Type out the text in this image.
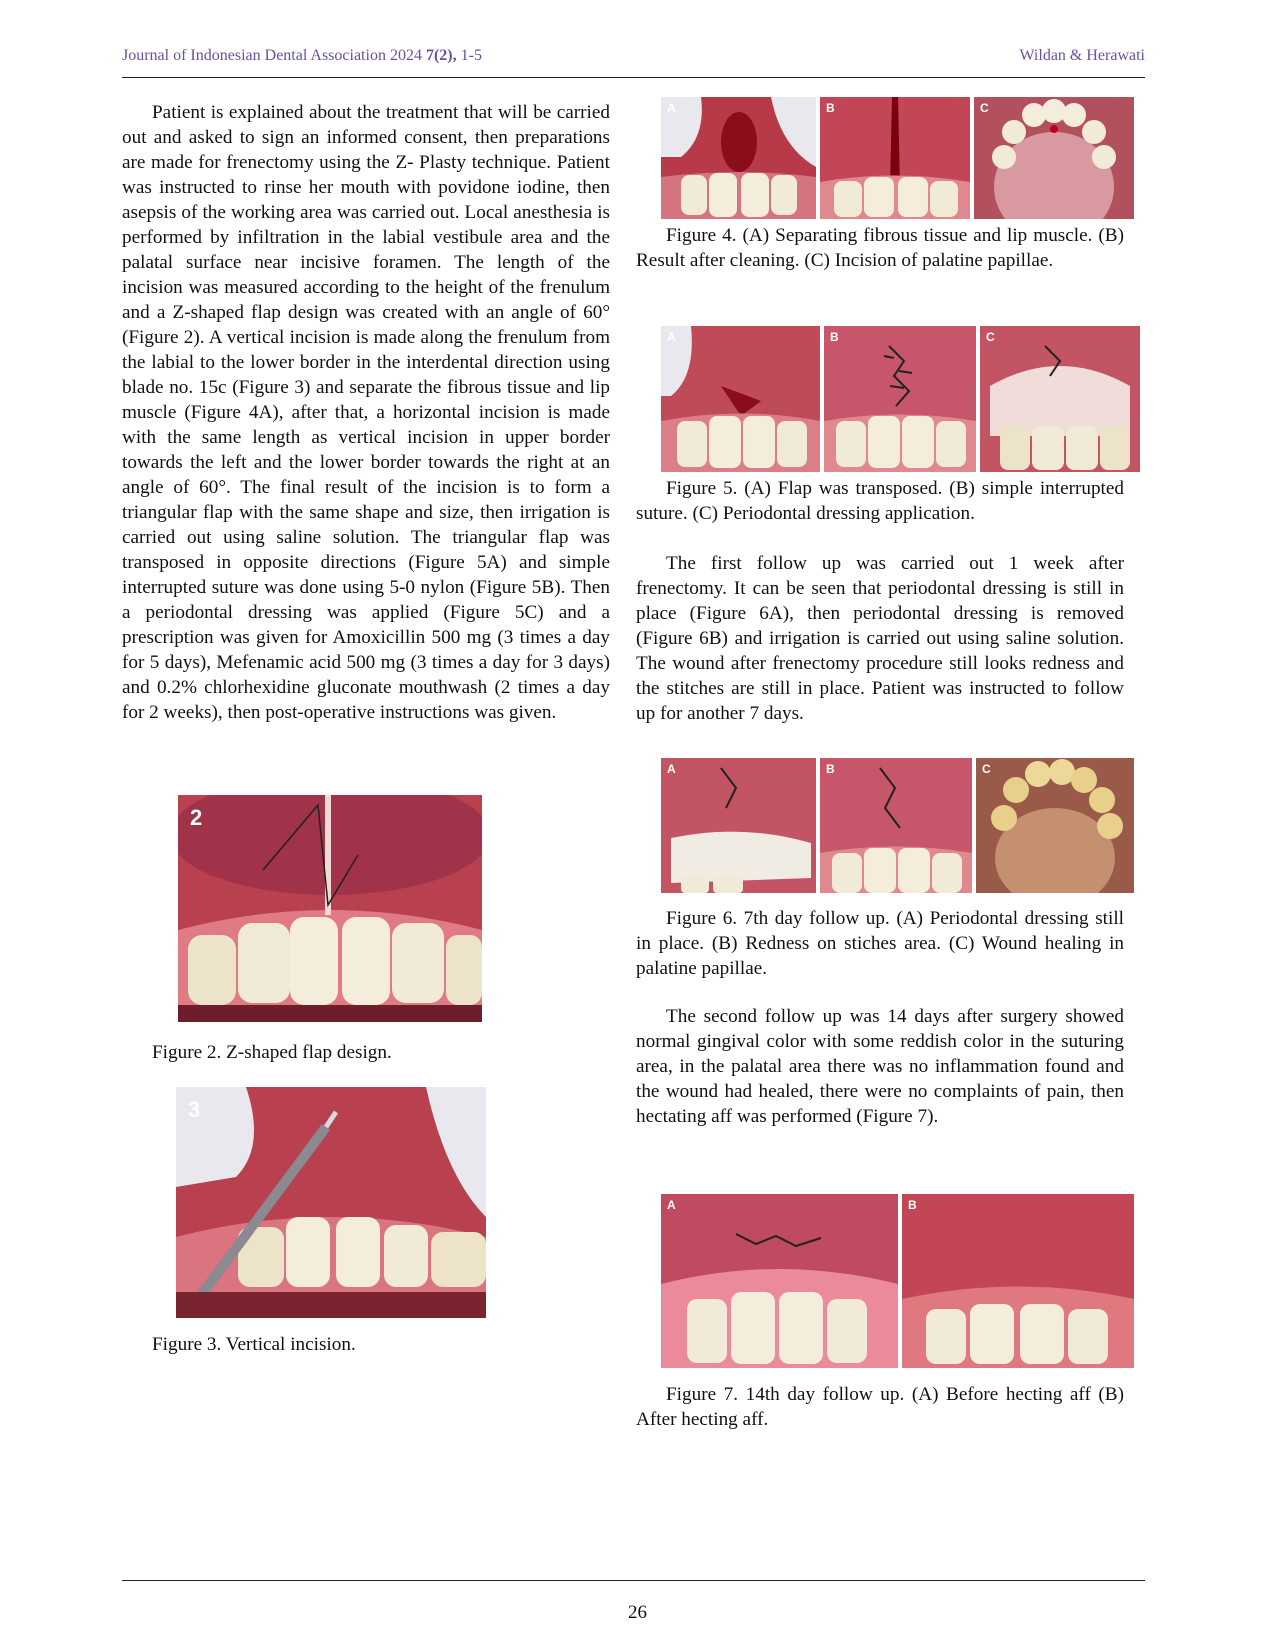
Journal of Indonesian Dental Association 2024 7(2), 1-5	Wildan & Herawati

Patient is explained about the treatment that will be carried out and asked to sign an informed consent, then preparations are made for frenectomy using the Z- Plasty technique. Patient was instructed to rinse her mouth with povidone iodine, then asepsis of the working area was carried out. Local anesthesia is performed by infiltration in the labial vestibule area and the palatal surface near incisive foramen. The length of the incision was measured according to the height of the frenulum and a Z-shaped flap design was created with an angle of 60° (Figure 2). A vertical incision is made along the frenulum from the labial to the lower border in the interdental direction using blade no. 15c (Figure 3) and separate the fibrous tissue and lip muscle (Figure 4A), after that, a horizontal incision is made with the same length as vertical incision in upper border towards the left and the lower border towards the right at an angle of 60°. The final result of the incision is to form a triangular flap with the same shape and size, then irrigation is carried out using saline solution. The triangular flap was transposed in opposite directions (Figure 5A) and simple interrupted suture was done using 5-0 nylon (Figure 5B). Then a periodontal dressing was applied (Figure 5C) and a prescription was given for Amoxicillin 500 mg (3 times a day for 5 days), Mefenamic acid 500 mg (3 times a day for 3 days) and 0.2% chlorhexidine gluconate mouthwash (2 times a day for 2 weeks), then post-operative instructions was given.

2

Figure 2. Z-shaped flap design.

3

Figure 3. Vertical incision.

A	B	C

Figure 4. (A) Separating fibrous tissue and lip muscle. (B) Result after cleaning. (C) Incision of palatine papillae.

A	B	C

Figure 5. (A) Flap was transposed. (B) simple interrupted suture. (C) Periodontal dressing application.

The first follow up was carried out 1 week after frenectomy. It can be seen that periodontal dressing is still in place (Figure 6A), then periodontal dressing is removed (Figure 6B) and irrigation is carried out using saline solution. The wound after frenectomy procedure still looks redness and the stitches are still in place. Patient was instructed to follow up for another 7 days.

A	B	C

Figure 6. 7th day follow up. (A) Periodontal dressing still in place. (B) Redness on stiches area. (C) Wound healing in palatine papillae.

The second follow up was 14 days after surgery showed normal gingival color with some reddish color in the suturing area, in the palatal area there was no inflammation found and the wound had healed, there were no complaints of pain, then hectating aff was performed (Figure 7).

A	B

Figure 7. 14th day follow up. (A) Before hecting aff (B) After hecting aff.

26
